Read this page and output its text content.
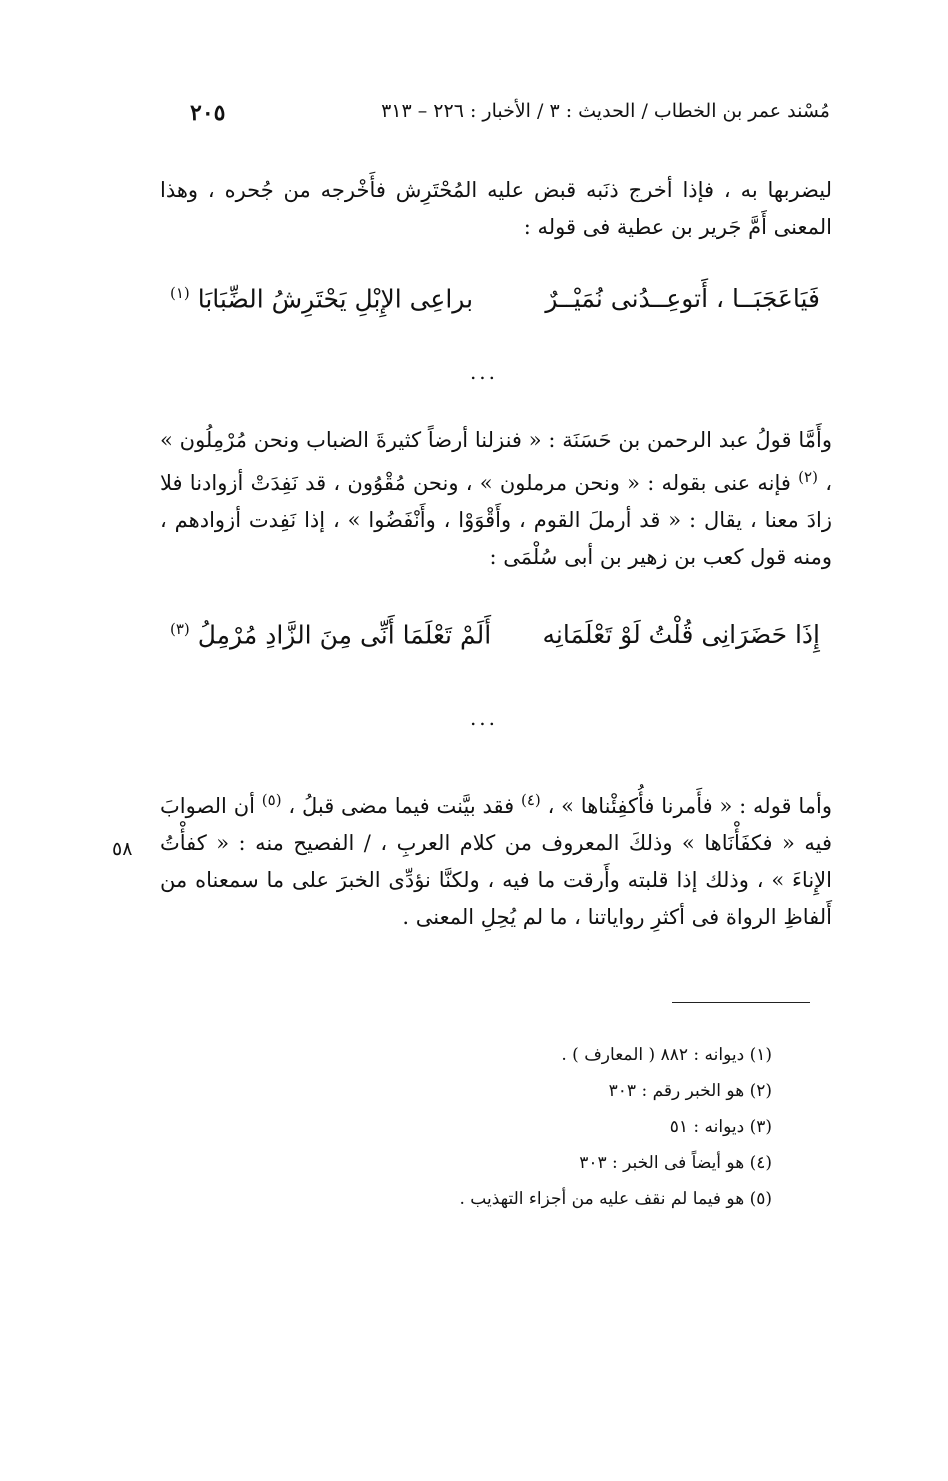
مُسْند عمر بن الخطاب / الحديث : ٣ / الأخبار : ٢٢٦ – ٣١٣
٢٠٥

ليضربها به ، فإذا أخرج ذنَبه قبض عليه المُحْتَرِش فأَخْرجه من جُحره ، وهذا المعنى أَمَّ جَرير بن عطية فى قوله :

فَيَاعَجَبَــا ، أَتوعِــدُنى نُمَيْــرٌ
براعِى الإِبْلِ يَحْتَرِشُ الضِّبَابَا $^{(١)}$
...

وأَمَّا قولُ عبد الرحمن بن حَسَنَة : « فنزلنا أرضاً كثيرةَ الضباب ونحن مُرْمِلُون » ، $^{(٢)}$ فإنه عنى بقوله : « ونحن مرملون » ، ونحن مُقْوُون ، قد نَفِدَتْ أزوادنا فلا زادَ معنا ، يقال : « قد أرملَ القوم ، وأَقْوَوْا ، وأَنْفَضُوا » ، إذا نَفِدت أزوادهم ، ومنه قول كعب بن زهير بن أبى سُلْمَى :

إِذَا حَضَرَانِى قُلْتُ لَوْ تَعْلَمَانِه
أَلَمْ تَعْلَمَا أَنِّى مِنَ الزَّادِ مُرْمِلُ $^{(٣)}$
...

وأما قوله : « فأَمرنا فأُكفِئْناها » ، $^{(٤)}$ فقد بيَّنت فيما مضى قبلُ ، $^{(٥)}$ أن الصوابَ فيه « فكفَأْنَاها » وذلكَ المعروف من كلام العربِ ، / الفصيح منه : « كفأْتُ الإِناءَ » ، وذلك إذا قلبته وأَرقت ما فيه ، ولكنَّا نؤدِّى الخبرَ على ما سمعناه من أَلفاظِ الرواة فى أكثرِ رواياتنا ، ما لم يُحِلِ المعنى .

٥٨
(١) ديوانه : ٨٨٢ ( المعارف ) .
(٢) هو الخبر رقم : ٣٠٣
(٣) ديوانه : ٥١
(٤) هو أيضاً فى الخبر : ٣٠٣
(٥) هو فيما لم نقف عليه من أجزاء التهذيب .
